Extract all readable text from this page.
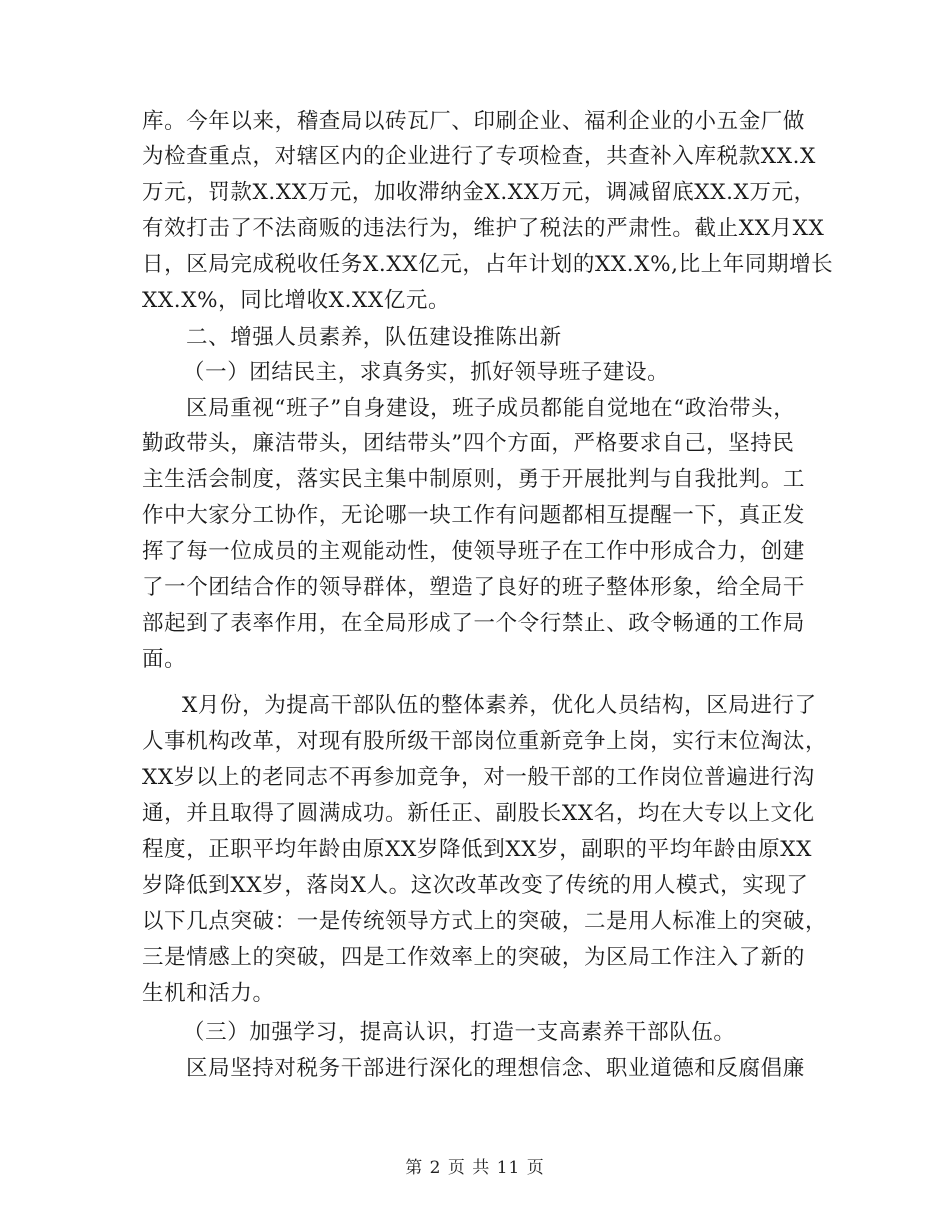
库。今年以来，稽查局以砖瓦厂、印刷企业、福利企业的小五金厂做
为检查重点，对辖区内的企业进行了专项检查，共查补入库税款XX.X
万元，罚款X.XX万元，加收滞纳金X.XX万元，调减留底XX.X万元，
有效打击了不法商贩的违法行为，维护了税法的严肃性。截止XX月XX
日，区局完成税收任务X.XX亿元，占年计划的XX.X%,比上年同期增长
XX.X%，同比增收X.XX亿元。
二、增强人员素养，队伍建设推陈出新
（一）团结民主，求真务实，抓好领导班子建设。
区局重视“班子”自身建设，班子成员都能自觉地在“政治带头，
勤政带头，廉洁带头，团结带头”四个方面，严格要求自己，坚持民
主生活会制度，落实民主集中制原则，勇于开展批判与自我批判。工
作中大家分工协作，无论哪一块工作有问题都相互提醒一下，真正发
挥了每一位成员的主观能动性，使领导班子在工作中形成合力，创建
了一个团结合作的领导群体，塑造了良好的班子整体形象，给全局干
部起到了表率作用，在全局形成了一个令行禁止、政令畅通的工作局
面。
X月份，为提高干部队伍的整体素养，优化人员结构，区局进行了
人事机构改革，对现有股所级干部岗位重新竞争上岗，实行末位淘汰，
XX岁以上的老同志不再参加竞争，对一般干部的工作岗位普遍进行沟
通，并且取得了圆满成功。新任正、副股长XX名，均在大专以上文化
程度，正职平均年龄由原XX岁降低到XX岁，副职的平均年龄由原XX
岁降低到XX岁，落岗X人。这次改革改变了传统的用人模式，实现了
以下几点突破：一是传统领导方式上的突破，二是用人标准上的突破，
三是情感上的突破，四是工作效率上的突破，为区局工作注入了新的
生机和活力。
（三）加强学习，提高认识，打造一支高素养干部队伍。
区局坚持对税务干部进行深化的理想信念、职业道德和反腐倡廉
第 2 页 共 11 页
